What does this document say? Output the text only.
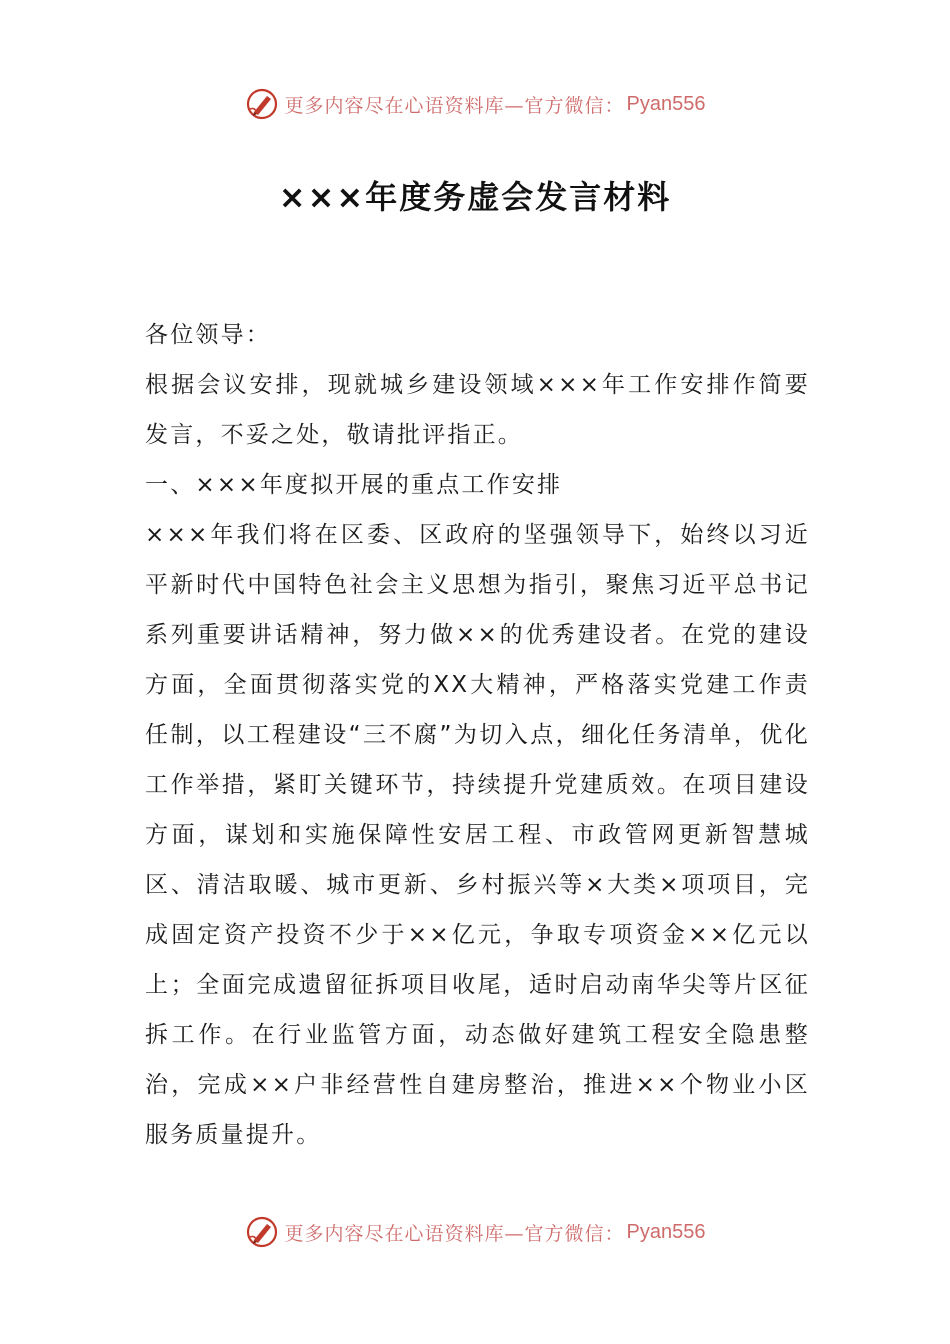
更多内容尽在心语资料库—官方微信： Pyan556
×××年度务虚会发言材料

各位领导：

根据会议安排，现就城乡建设领域×××年工作安排作简要发言，不妥之处，敬请批评指正。

一、×××年度拟开展的重点工作安排

×××年我们将在区委、区政府的坚强领导下，始终以习近平新时代中国特色社会主义思想为指引，聚焦习近平总书记系列重要讲话精神，努力做××的优秀建设者。在党的建设方面，全面贯彻落实党的XX大精神，严格落实党建工作责任制，以工程建设“三不腐”为切入点，细化任务清单，优化工作举措，紧盯关键环节，持续提升党建质效。在项目建设方面，谋划和实施保障性安居工程、市政管网更新智慧城区、清洁取暖、城市更新、乡村振兴等×大类×项项目，完成固定资产投资不少于××亿元，争取专项资金××亿元以上；全面完成遗留征拆项目收尾，适时启动南华尖等片区征拆工作。在行业监管方面，动态做好建筑工程安全隐患整治，完成××户非经营性自建房整治，推进××个物业小区服务质量提升。

更多内容尽在心语资料库—官方微信： Pyan556
